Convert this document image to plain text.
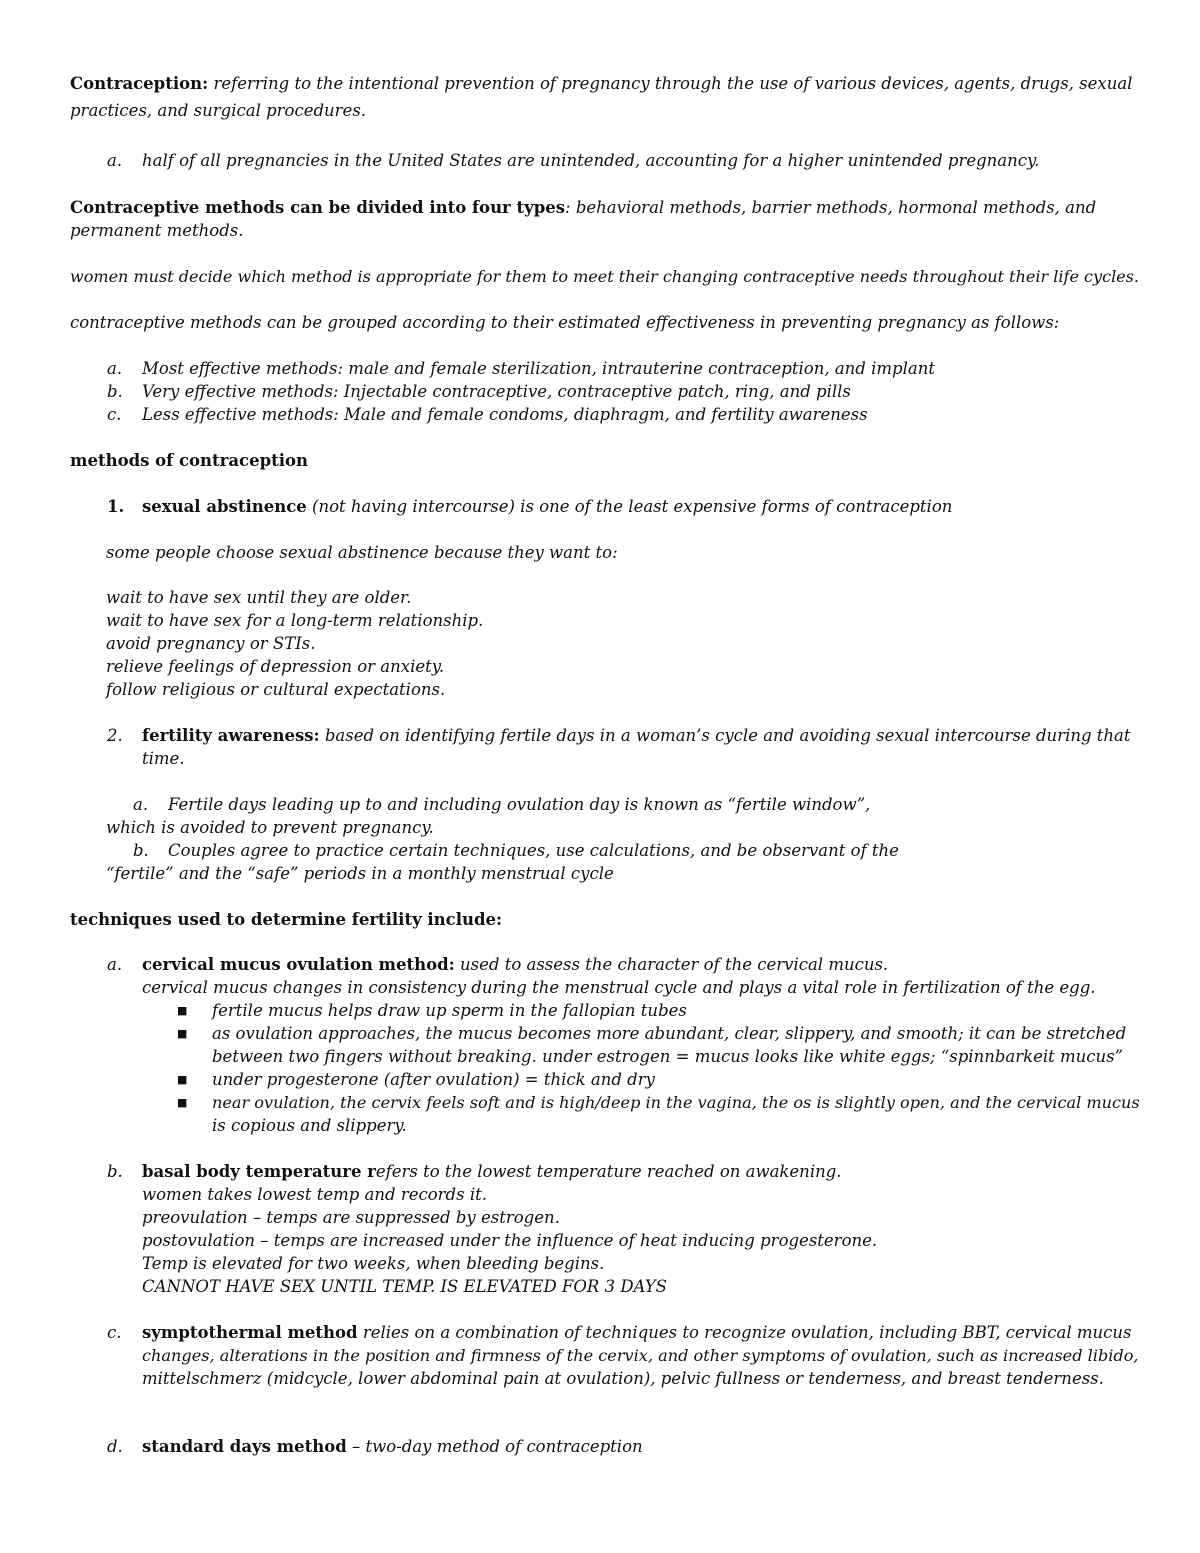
Contraception: referring to the intentional prevention of pregnancy through the use of various devices, agents, drugs, sexual
practices, and surgical procedures.
a. half of all pregnancies in the United States are unintended, accounting for a higher unintended pregnancy.
Contraceptive methods can be divided into four types: behavioral methods, barrier methods, hormonal methods, and
permanent methods.
women must decide which method is appropriate for them to meet their changing contraceptive needs throughout their life cycles.
contraceptive methods can be grouped according to their estimated effectiveness in preventing pregnancy as follows:
a. Most effective methods: male and female sterilization, intrauterine contraception, and implant
b. Very effective methods: Injectable contraceptive, contraceptive patch, ring, and pills
c. Less effective methods: Male and female condoms, diaphragm, and fertility awareness
methods of contraception
1. sexual abstinence (not having intercourse) is one of the least expensive forms of contraception
some people choose sexual abstinence because they want to:
wait to have sex until they are older.
wait to have sex for a long-term relationship.
avoid pregnancy or STIs.
relieve feelings of depression or anxiety.
follow religious or cultural expectations.
2. fertility awareness: based on identifying fertile days in a woman’s cycle and avoiding sexual intercourse during that
time.
a. Fertile days leading up to and including ovulation day is known as “fertile window”,
which is avoided to prevent pregnancy.
b. Couples agree to practice certain techniques, use calculations, and be observant of the
“fertile” and the “safe” periods in a monthly menstrual cycle
techniques used to determine fertility include:
a. cervical mucus ovulation method: used to assess the character of the cervical mucus.
cervical mucus changes in consistency during the menstrual cycle and plays a vital role in fertilization of the egg.
■ fertile mucus helps draw up sperm in the fallopian tubes
■ as ovulation approaches, the mucus becomes more abundant, clear, slippery, and smooth; it can be stretched
between two fingers without breaking. under estrogen = mucus looks like white eggs; “spinnbarkeit mucus”
■ under progesterone (after ovulation) = thick and dry
■ near ovulation, the cervix feels soft and is high/deep in the vagina, the os is slightly open, and the cervical mucus
is copious and slippery.
b. basal body temperature refers to the lowest temperature reached on awakening.
women takes lowest temp and records it.
preovulation – temps are suppressed by estrogen.
postovulation – temps are increased under the influence of heat inducing progesterone.
Temp is elevated for two weeks, when bleeding begins.
CANNOT HAVE SEX UNTIL TEMP. IS ELEVATED FOR 3 DAYS
c. symptothermal method relies on a combination of techniques to recognize ovulation, including BBT, cervical mucus
changes, alterations in the position and firmness of the cervix, and other symptoms of ovulation, such as increased libido,
mittelschmerz (midcycle, lower abdominal pain at ovulation), pelvic fullness or tenderness, and breast tenderness.
d. standard days method – two-day method of contraception
